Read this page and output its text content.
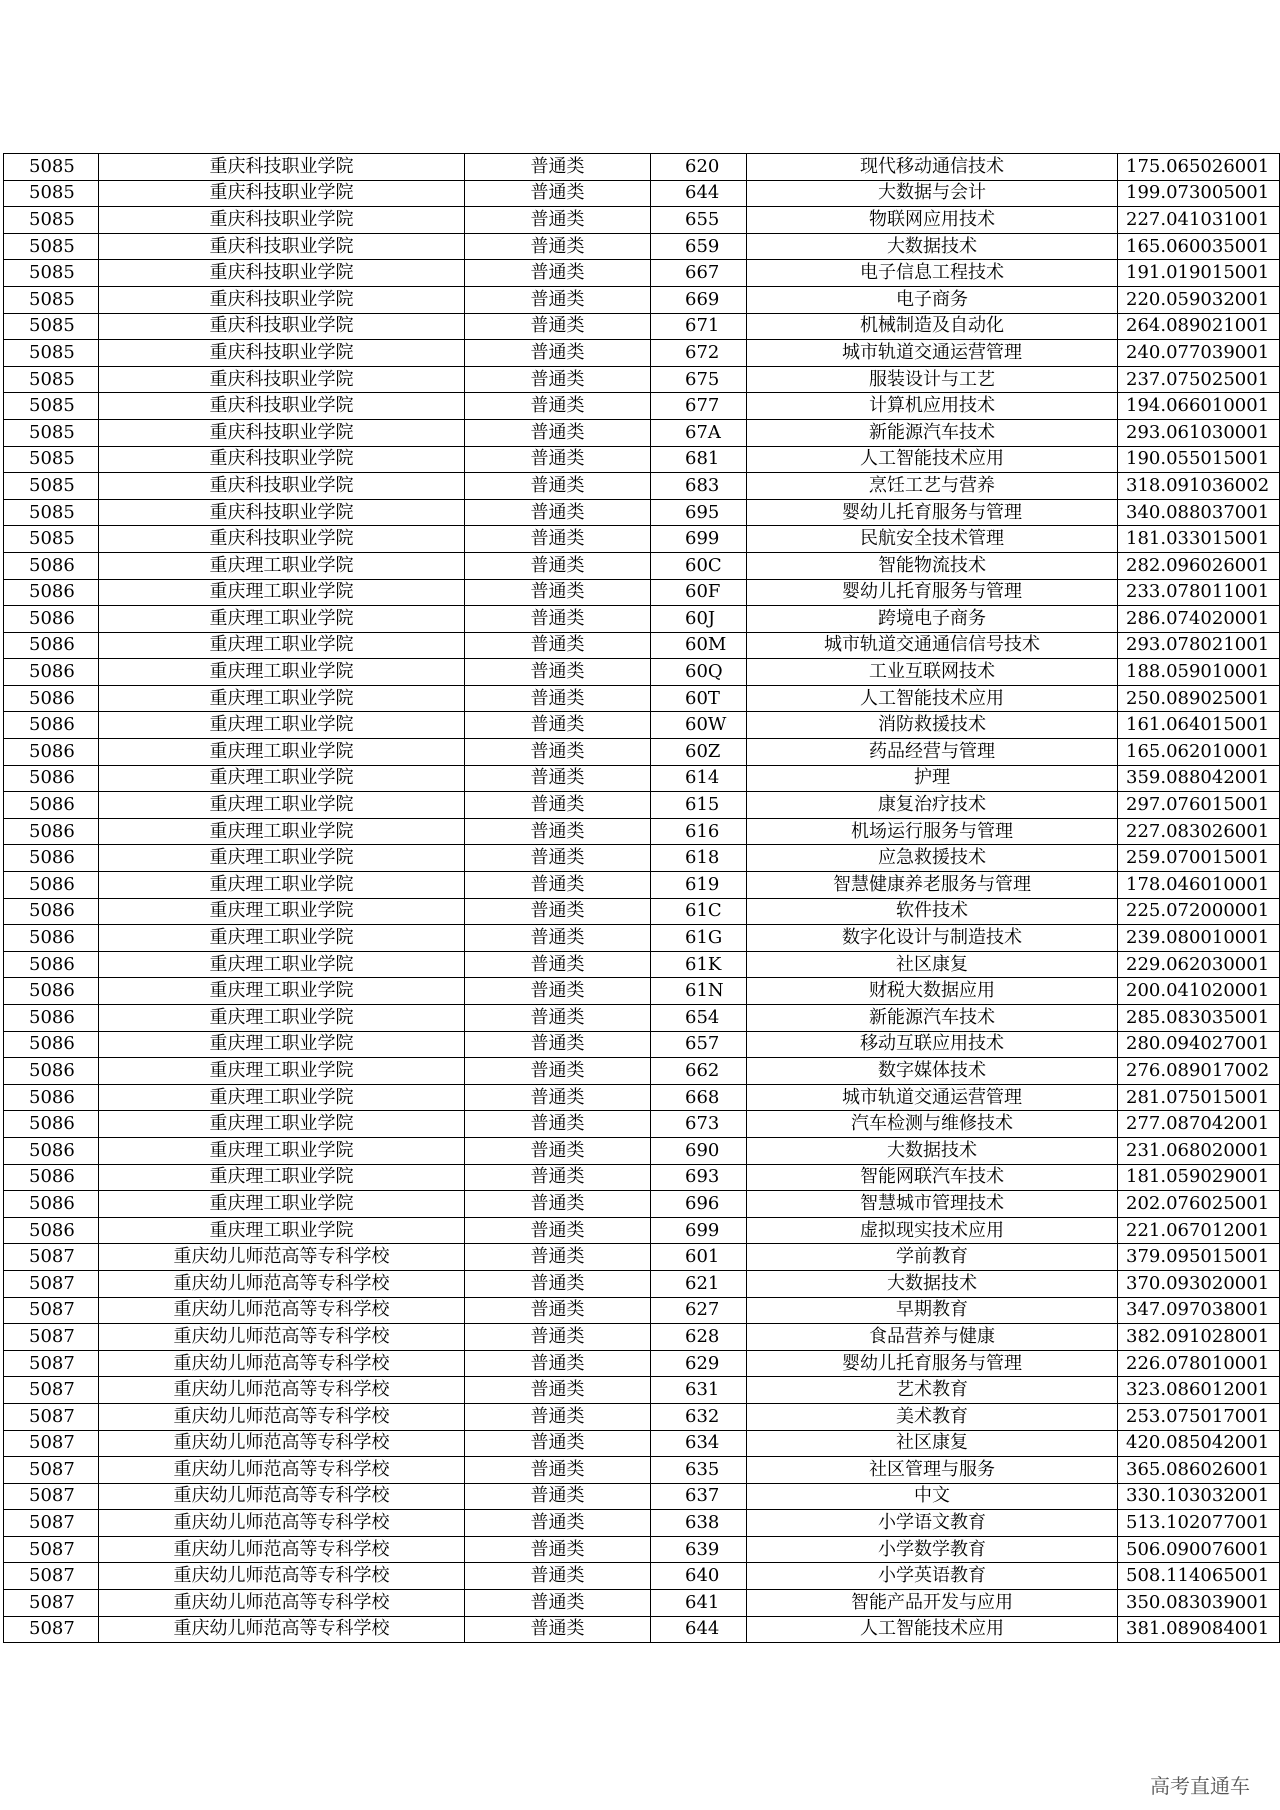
5085	重庆科技职业学院	普通类	620	现代移动通信技术	175.065026001
5085	重庆科技职业学院	普通类	644	大数据与会计	199.073005001
5085	重庆科技职业学院	普通类	655	物联网应用技术	227.041031001
5085	重庆科技职业学院	普通类	659	大数据技术	165.060035001
5085	重庆科技职业学院	普通类	667	电子信息工程技术	191.019015001
5085	重庆科技职业学院	普通类	669	电子商务	220.059032001
5085	重庆科技职业学院	普通类	671	机械制造及自动化	264.089021001
5085	重庆科技职业学院	普通类	672	城市轨道交通运营管理	240.077039001
5085	重庆科技职业学院	普通类	675	服装设计与工艺	237.075025001
5085	重庆科技职业学院	普通类	677	计算机应用技术	194.066010001
5085	重庆科技职业学院	普通类	67A	新能源汽车技术	293.061030001
5085	重庆科技职业学院	普通类	681	人工智能技术应用	190.055015001
5085	重庆科技职业学院	普通类	683	烹饪工艺与营养	318.091036002
5085	重庆科技职业学院	普通类	695	婴幼儿托育服务与管理	340.088037001
5085	重庆科技职业学院	普通类	699	民航安全技术管理	181.033015001
5086	重庆理工职业学院	普通类	60C	智能物流技术	282.096026001
5086	重庆理工职业学院	普通类	60F	婴幼儿托育服务与管理	233.078011001
5086	重庆理工职业学院	普通类	60J	跨境电子商务	286.074020001
5086	重庆理工职业学院	普通类	60M	城市轨道交通通信信号技术	293.078021001
5086	重庆理工职业学院	普通类	60Q	工业互联网技术	188.059010001
5086	重庆理工职业学院	普通类	60T	人工智能技术应用	250.089025001
5086	重庆理工职业学院	普通类	60W	消防救援技术	161.064015001
5086	重庆理工职业学院	普通类	60Z	药品经营与管理	165.062010001
5086	重庆理工职业学院	普通类	614	护理	359.088042001
5086	重庆理工职业学院	普通类	615	康复治疗技术	297.076015001
5086	重庆理工职业学院	普通类	616	机场运行服务与管理	227.083026001
5086	重庆理工职业学院	普通类	618	应急救援技术	259.070015001
5086	重庆理工职业学院	普通类	619	智慧健康养老服务与管理	178.046010001
5086	重庆理工职业学院	普通类	61C	软件技术	225.072000001
5086	重庆理工职业学院	普通类	61G	数字化设计与制造技术	239.080010001
5086	重庆理工职业学院	普通类	61K	社区康复	229.062030001
5086	重庆理工职业学院	普通类	61N	财税大数据应用	200.041020001
5086	重庆理工职业学院	普通类	654	新能源汽车技术	285.083035001
5086	重庆理工职业学院	普通类	657	移动互联应用技术	280.094027001
5086	重庆理工职业学院	普通类	662	数字媒体技术	276.089017002
5086	重庆理工职业学院	普通类	668	城市轨道交通运营管理	281.075015001
5086	重庆理工职业学院	普通类	673	汽车检测与维修技术	277.087042001
5086	重庆理工职业学院	普通类	690	大数据技术	231.068020001
5086	重庆理工职业学院	普通类	693	智能网联汽车技术	181.059029001
5086	重庆理工职业学院	普通类	696	智慧城市管理技术	202.076025001
5086	重庆理工职业学院	普通类	699	虚拟现实技术应用	221.067012001
5087	重庆幼儿师范高等专科学校	普通类	601	学前教育	379.095015001
5087	重庆幼儿师范高等专科学校	普通类	621	大数据技术	370.093020001
5087	重庆幼儿师范高等专科学校	普通类	627	早期教育	347.097038001
5087	重庆幼儿师范高等专科学校	普通类	628	食品营养与健康	382.091028001
5087	重庆幼儿师范高等专科学校	普通类	629	婴幼儿托育服务与管理	226.078010001
5087	重庆幼儿师范高等专科学校	普通类	631	艺术教育	323.086012001
5087	重庆幼儿师范高等专科学校	普通类	632	美术教育	253.075017001
5087	重庆幼儿师范高等专科学校	普通类	634	社区康复	420.085042001
5087	重庆幼儿师范高等专科学校	普通类	635	社区管理与服务	365.086026001
5087	重庆幼儿师范高等专科学校	普通类	637	中文	330.103032001
5087	重庆幼儿师范高等专科学校	普通类	638	小学语文教育	513.102077001
5087	重庆幼儿师范高等专科学校	普通类	639	小学数学教育	506.090076001
5087	重庆幼儿师范高等专科学校	普通类	640	小学英语教育	508.114065001
5087	重庆幼儿师范高等专科学校	普通类	641	智能产品开发与应用	350.083039001
5087	重庆幼儿师范高等专科学校	普通类	644	人工智能技术应用	381.089084001
高考直通车
